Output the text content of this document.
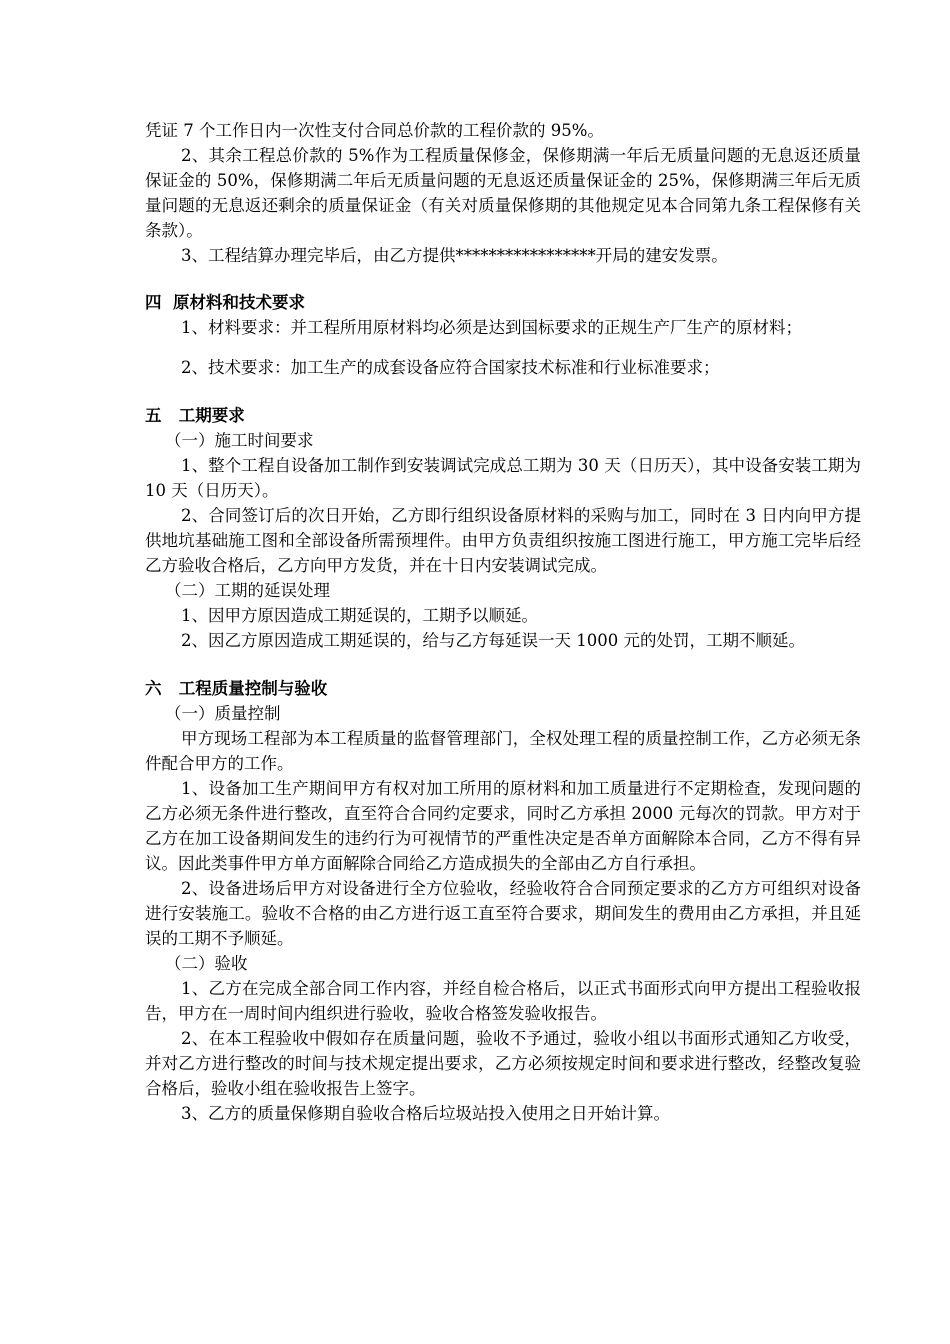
凭证 7 个工作日内一次性支付合同总价款的工程价款的 95%。

2、其余工程总价款的 5%作为工程质量保修金，保修期满一年后无质量问题的无息返还质量保证金的 50%，保修期满二年后无质量问题的无息返还质量保证金的 25%，保修期满三年后无质量问题的无息返还剩余的质量保证金（有关对质量保修期的其他规定见本合同第九条工程保修有关条款）。

3、工程结算办理完毕后，由乙方提供*****************开局的建安发票。

四  原材料和技术要求

1、材料要求：并工程所用原材料均必须是达到国标要求的正规生产厂生产的原材料；

2、技术要求：加工生产的成套设备应符合国家技术标准和行业标准要求；

五   工期要求

（一）施工时间要求

1、整个工程自设备加工制作到安装调试完成总工期为 30 天（日历天），其中设备安装工期为 10 天（日历天）。

2、合同签订后的次日开始，乙方即行组织设备原材料的采购与加工，同时在 3 日内向甲方提供地坑基础施工图和全部设备所需预埋件。由甲方负责组织按施工图进行施工，甲方施工完毕后经乙方验收合格后，乙方向甲方发货，并在十日内安装调试完成。

（二）工期的延误处理

1、因甲方原因造成工期延误的，工期予以顺延。

2、因乙方原因造成工期延误的，给与乙方每延误一天 1000 元的处罚，工期不顺延。

六   工程质量控制与验收

（一）质量控制

甲方现场工程部为本工程质量的监督管理部门，全权处理工程的质量控制工作，乙方必须无条件配合甲方的工作。

1、设备加工生产期间甲方有权对加工所用的原材料和加工质量进行不定期检查，发现问题的乙方必须无条件进行整改，直至符合合同约定要求，同时乙方承担 2000 元每次的罚款。甲方对于乙方在加工设备期间发生的违约行为可视情节的严重性决定是否单方面解除本合同，乙方不得有异议。因此类事件甲方单方面解除合同给乙方造成损失的全部由乙方自行承担。

2、设备进场后甲方对设备进行全方位验收，经验收符合合同预定要求的乙方方可组织对设备进行安装施工。验收不合格的由乙方进行返工直至符合要求，期间发生的费用由乙方承担，并且延误的工期不予顺延。

（二）验收

1、乙方在完成全部合同工作内容，并经自检合格后，以正式书面形式向甲方提出工程验收报告，甲方在一周时间内组织进行验收，验收合格签发验收报告。

2、在本工程验收中假如存在质量问题，验收不予通过，验收小组以书面形式通知乙方收受，并对乙方进行整改的时间与技术规定提出要求，乙方必须按规定时间和要求进行整改，经整改复验合格后，验收小组在验收报告上签字。

3、乙方的质量保修期自验收合格后垃圾站投入使用之日开始计算。
